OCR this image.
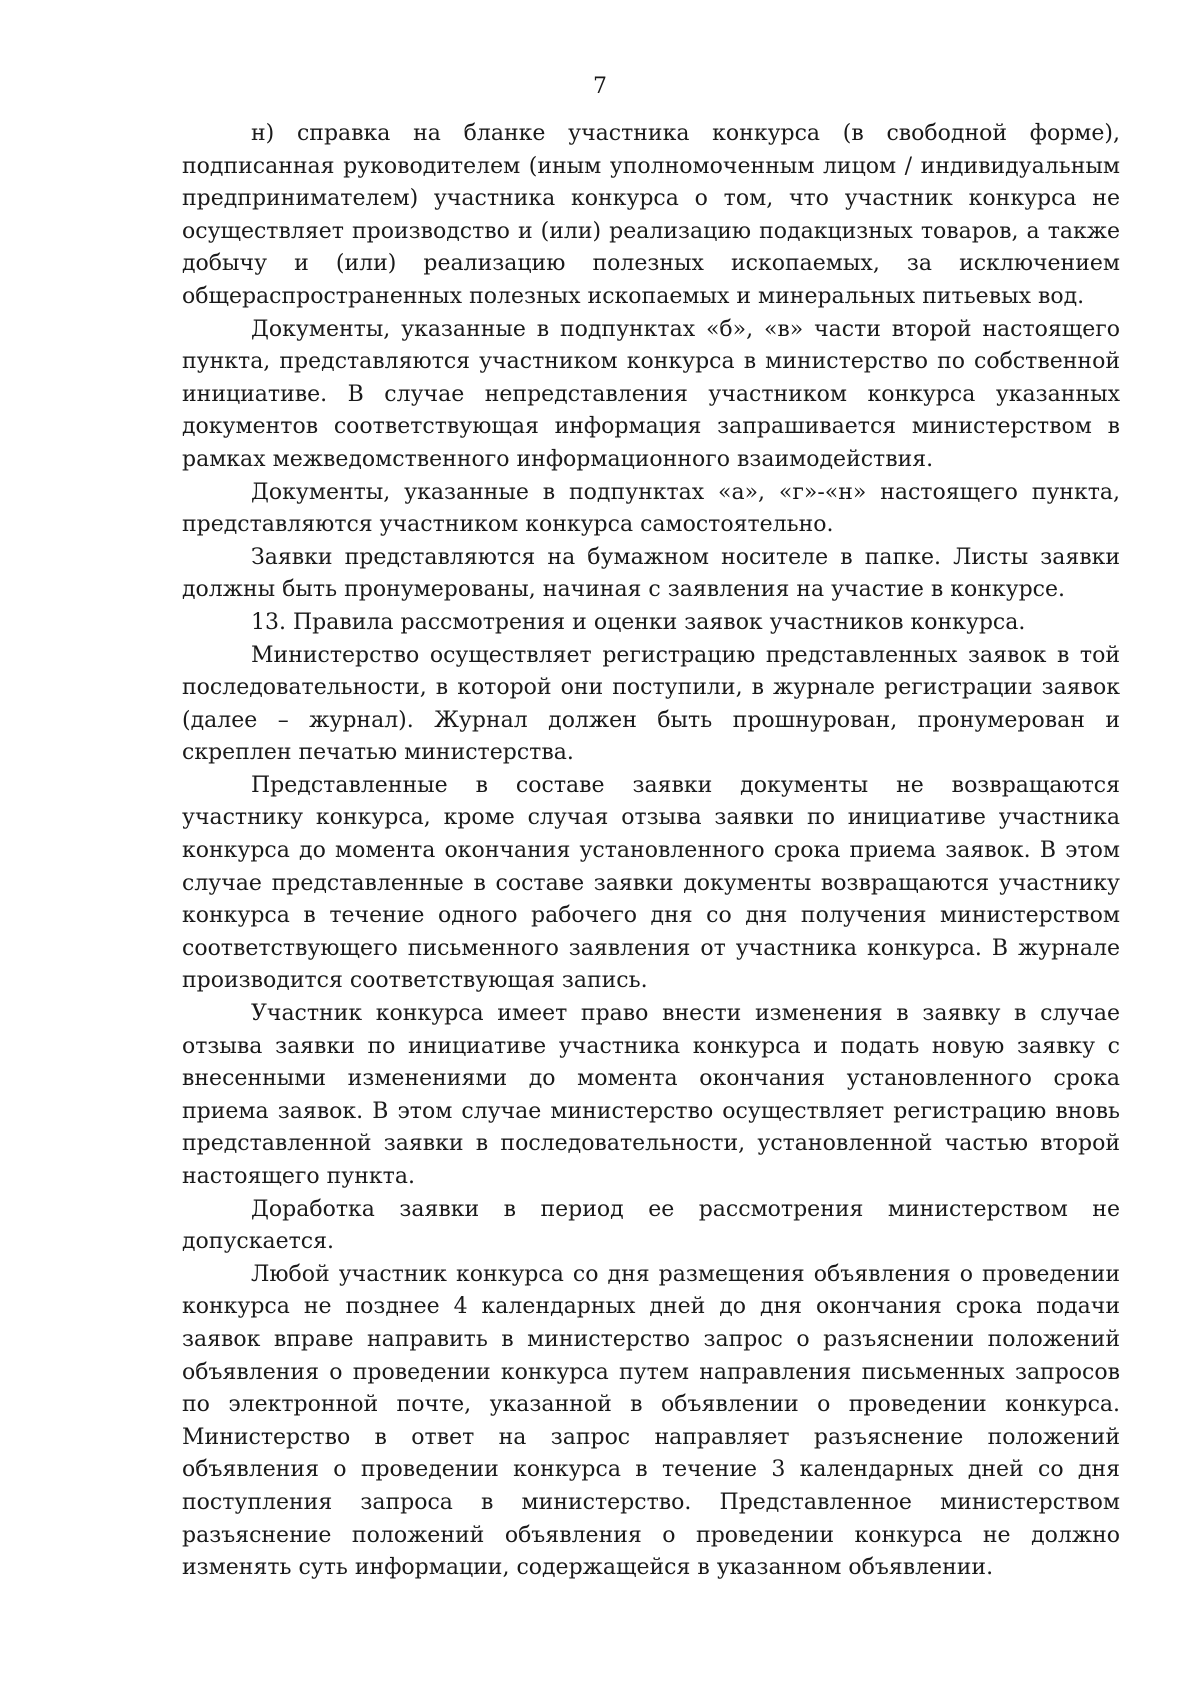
7

н) справка на бланке участника конкурса (в свободной форме), подписанная руководителем (иным уполномоченным лицом / индивидуальным предпринимателем) участника конкурса о том, что участник конкурса не осуществляет производство и (или) реализацию подакцизных товаров, а также добычу и (или) реализацию полезных ископаемых, за исключением общераспространенных полезных ископаемых и минеральных питьевых вод.

Документы, указанные в подпунктах «б», «в» части второй настоящего пункта, представляются участником конкурса в министерство по собственной инициативе. В случае непредставления участником конкурса указанных документов соответствующая информация запрашивается министерством в рамках межведомственного информационного взаимодействия.

Документы, указанные в подпунктах «а», «г»-«н» настоящего пункта, представляются участником конкурса самостоятельно.

Заявки представляются на бумажном носителе в папке. Листы заявки должны быть пронумерованы, начиная с заявления на участие в конкурсе.

13. Правила рассмотрения и оценки заявок участников конкурса.

Министерство осуществляет регистрацию представленных заявок в той последовательности, в которой они поступили, в журнале регистрации заявок (далее – журнал). Журнал должен быть прошнурован, пронумерован и скреплен печатью министерства.

Представленные в составе заявки документы не возвращаются участнику конкурса, кроме случая отзыва заявки по инициативе участника конкурса до момента окончания установленного срока приема заявок. В этом случае представленные в составе заявки документы возвращаются участнику конкурса в течение одного рабочего дня со дня получения министерством соответствующего письменного заявления от участника конкурса. В журнале производится соответствующая запись.

Участник конкурса имеет право внести изменения в заявку в случае отзыва заявки по инициативе участника конкурса и подать новую заявку с внесенными изменениями до момента окончания установленного срока приема заявок. В этом случае министерство осуществляет регистрацию вновь представленной заявки в последовательности, установленной частью второй настоящего пункта.

Доработка заявки в период ее рассмотрения министерством не допускается.

Любой участник конкурса со дня размещения объявления о проведении конкурса не позднее 4 календарных дней до дня окончания срока подачи заявок вправе направить в министерство запрос о разъяснении положений объявления о проведении конкурса путем направления письменных запросов по электронной почте, указанной в объявлении о проведении конкурса. Министерство в ответ на запрос направляет разъяснение положений объявления о проведении конкурса в течение 3 календарных дней со дня поступления запроса в министерство. Представленное министерством разъяснение положений объявления о проведении конкурса не должно изменять суть информации, содержащейся в указанном объявлении.
